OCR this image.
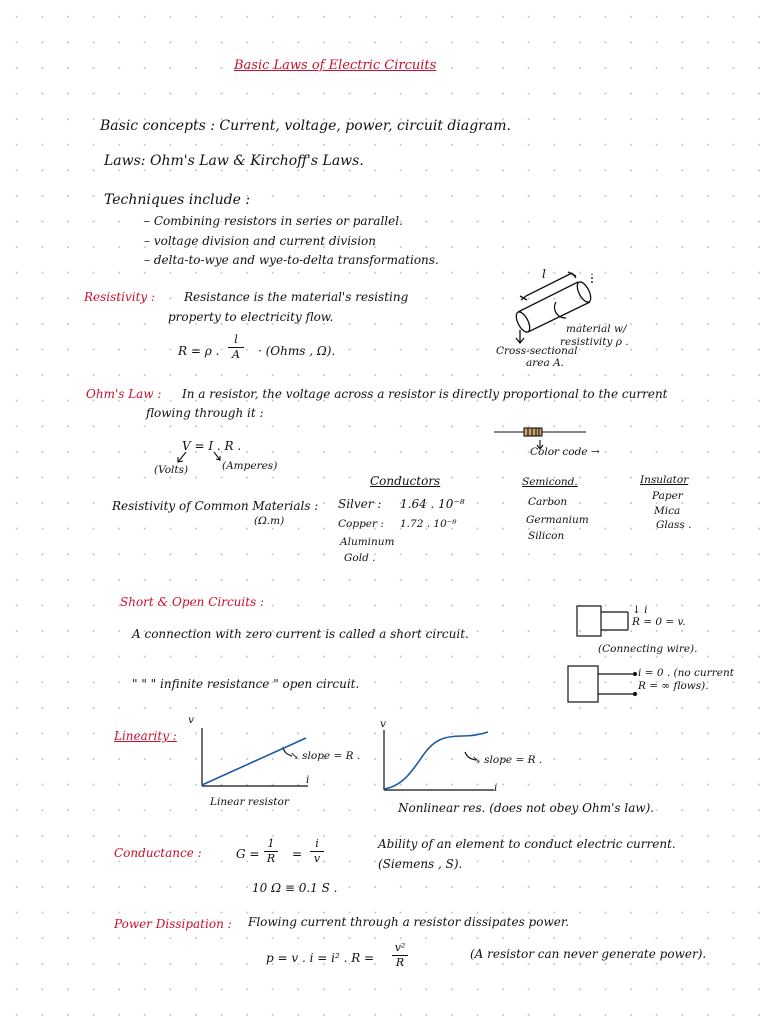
Basic Laws of Electric Circuits
Basic concepts : Current, voltage, power, circuit diagram.
Laws: Ohm's Law & Kirchoff's Laws.
Techniques include :
– Combining resistors in series or parallel.
– voltage division and current division
– delta-to-wye and wye-to-delta transformations.
Resistivity : Resistance is the material's resisting
property to electricity flow.
R = ρ .
l
A · (Ohms , Ω).
l
material w/
resistivity ρ .
Cross-sectional
area A.
Ohm's Law : In a resistor, the voltage across a resistor is directly proportional to the current
flowing through it :
V = I . R .
(Volts)	(Amperes)
Color code →
Resistivity of Common Materials :
(Ω.m)
Conductors
Silver : 1.64 . 10⁻⁸
Copper : 1.72 . 10⁻⁸
Aluminum
Gold .
Semicond.
Carbon
Germanium
Silicon
Insulator
Paper
Mica
Glass .
Short & Open Circuits :
A connection with zero current is called a short circuit.
" " " infinite resistance " open circuit.
↓ i
R = 0 = v.
(Connecting wire).
i = 0 . (no current
R = ∞ flows).
Linearity :
v
i
↘ slope = R .
Linear resistor
v
i
↘ slope = R .
Nonlinear res. (does not obey Ohm's law).
Conductance :	G =
1
R =
i
v
10 Ω ≡ 0.1 S .
Ability of an element to conduct electric current.
(Siemens , S).
Power Dissipation : Flowing current through a resistor dissipates power.
p = v . i = i² . R =
v²
R
(A resistor can never generate power).
